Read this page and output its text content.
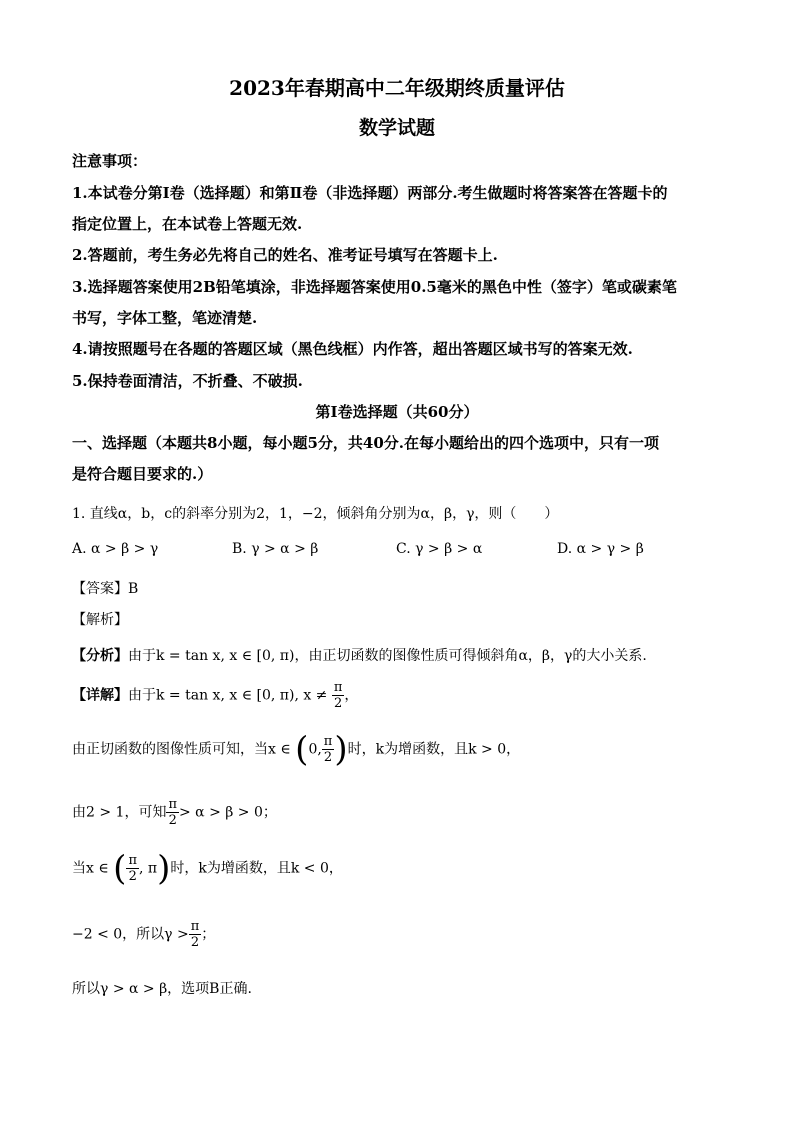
2023年春期高中二年级期终质量评估
数学试题
注意事项：
1.本试卷分第Ⅰ卷（选择题）和第Ⅱ卷（非选择题）两部分.考生做题时将答案答在答题卡的
指定位置上，在本试卷上答题无效.
2.答题前，考生务必先将自己的姓名、准考证号填写在答题卡上.
3.选择题答案使用2B铅笔填涂，非选择题答案使用0.5毫米的黑色中性（签字）笔或碳素笔
书写，字体工整，笔迹清楚.
4.请按照题号在各题的答题区域（黑色线框）内作答，超出答题区域书写的答案无效.
5.保持卷面清洁，不折叠、不破损.
第Ⅰ卷选择题（共60分）
一、选择题（本题共8小题，每小题5分，共40分.在每小题给出的四个选项中，只有一项
是符合题目要求的.）
1. 直线α，b，c的斜率分别为2，1，−2，倾斜角分别为α，β，γ，则（　　）
A. α > β > γ	B. γ > α > β	C. γ > β > α	D. α > γ > β
【答案】B
【解析】
【分析】由于k = tan x, x ∈ [0, π)，由正切函数的图像性质可得倾斜角α，β，γ的大小关系.
【详解】由于k = tan x, x ∈ [0, π), $x \ne \frac{\pi}{2}$ ，
由正切函数的图像性质可知，当x ∈ (0, $\frac{\pi}{2}$ )时，k为增函数，且k > 0，
由2 > 1，可知 $\frac{\pi}{2} > \alpha > \beta > 0$；
当x ∈ ( $\frac{\pi}{2}$ , π)时，k为增函数，且k < 0，
−2 < 0，所以$\gamma > \frac{\pi}{2}$ ；
所以γ > α > β，选项B正确.
